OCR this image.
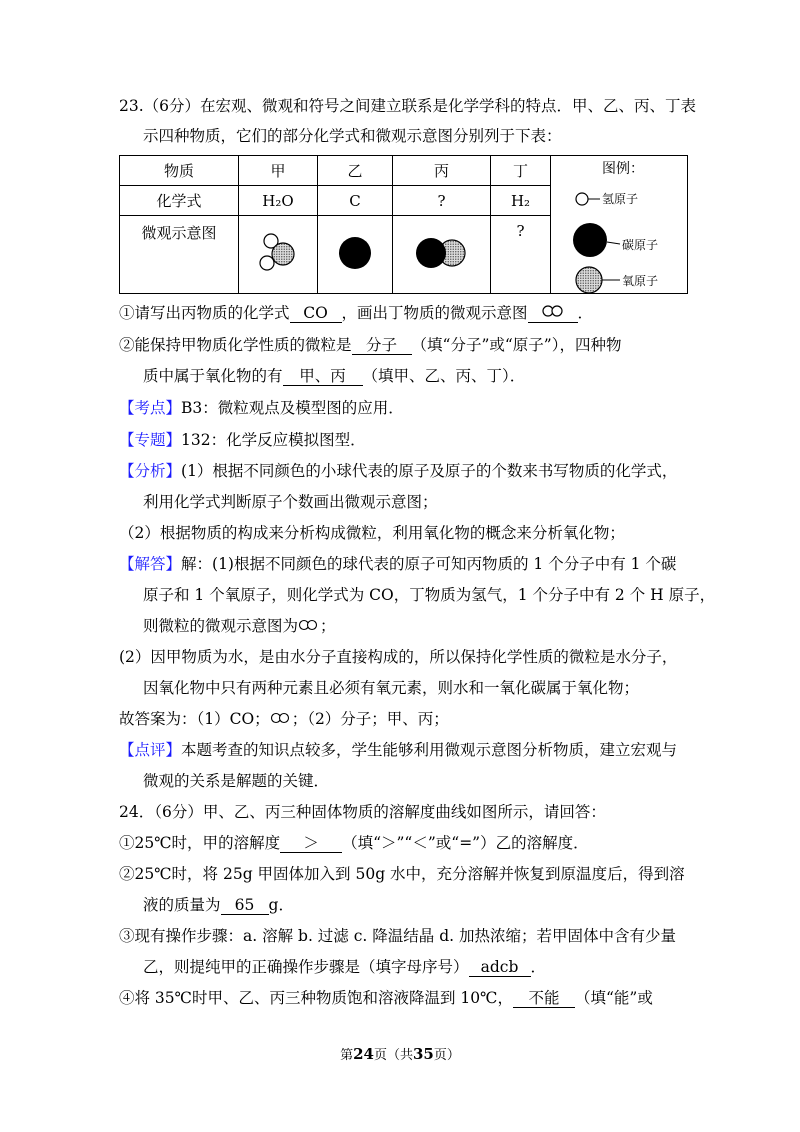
23.（6分）在宏观、微观和符号之间建立联系是化学学科的特点．甲、乙、丙、丁表
示四种物质，它们的部分化学式和微观示意图分别列于下表：
物质	甲	乙	丙	丁	
化学式	H₂O	C	?	H₂	
微观示意图				?	
图例：
氢原子
碳原子
氧原子
①请写出丙物质的化学式 CO ，画出丁物质的微观示意图	．
②能保持甲物质化学性质的微粒是 分子 （填“分子”或“原子”），四种物
质中属于氧化物的有 甲、丙 （填甲、乙、丙、丁）．
【考点】B3：微粒观点及模型图的应用．
【专题】132：化学反应模拟图型．
【分析】(1）根据不同颜色的小球代表的原子及原子的个数来书写物质的化学式，
利用化学式判断原子个数画出微观示意图；
（2）根据物质的构成来分析构成微粒，利用氧化物的概念来分析氧化物；
【解答】解：(1)根据不同颜色的球代表的原子可知丙物质的 1 个分子中有 1 个碳
原子和 1 个氧原子，则化学式为 CO，丁物质为氢气，1 个分子中有 2 个 H 原子，
则微粒的微观示意图为 ；
(2）因甲物质为水，是由水分子直接构成的，所以保持化学性质的微粒是水分子，
因氧化物中只有两种元素且必须有氧元素，则水和一氧化碳属于氧化物；
故答案为：（1）CO； ；（2）分子；甲、丙；
【点评】本题考查的知识点较多，学生能够利用微观示意图分析物质，建立宏观与
微观的关系是解题的关键．
24．（6分）甲、乙、丙三种固体物质的溶解度曲线如图所示，请回答：
①25℃时，甲的溶解度 ＞ （填“＞”“＜”或“=”）乙的溶解度．
②25℃时，将 25g 甲固体加入到 50g 水中，充分溶解并恢复到原温度后，得到溶
液的质量为 65 g．
③现有操作步骤：a. 溶解 b. 过滤 c. 降温结晶 d. 加热浓缩；若甲固体中含有少量
乙，则提纯甲的正确操作步骤是（填字母序号） adcb ．
④将 35℃时甲、乙、丙三种物质饱和溶液降温到 10℃， 不能 （填“能”或
第24页（共35页）
